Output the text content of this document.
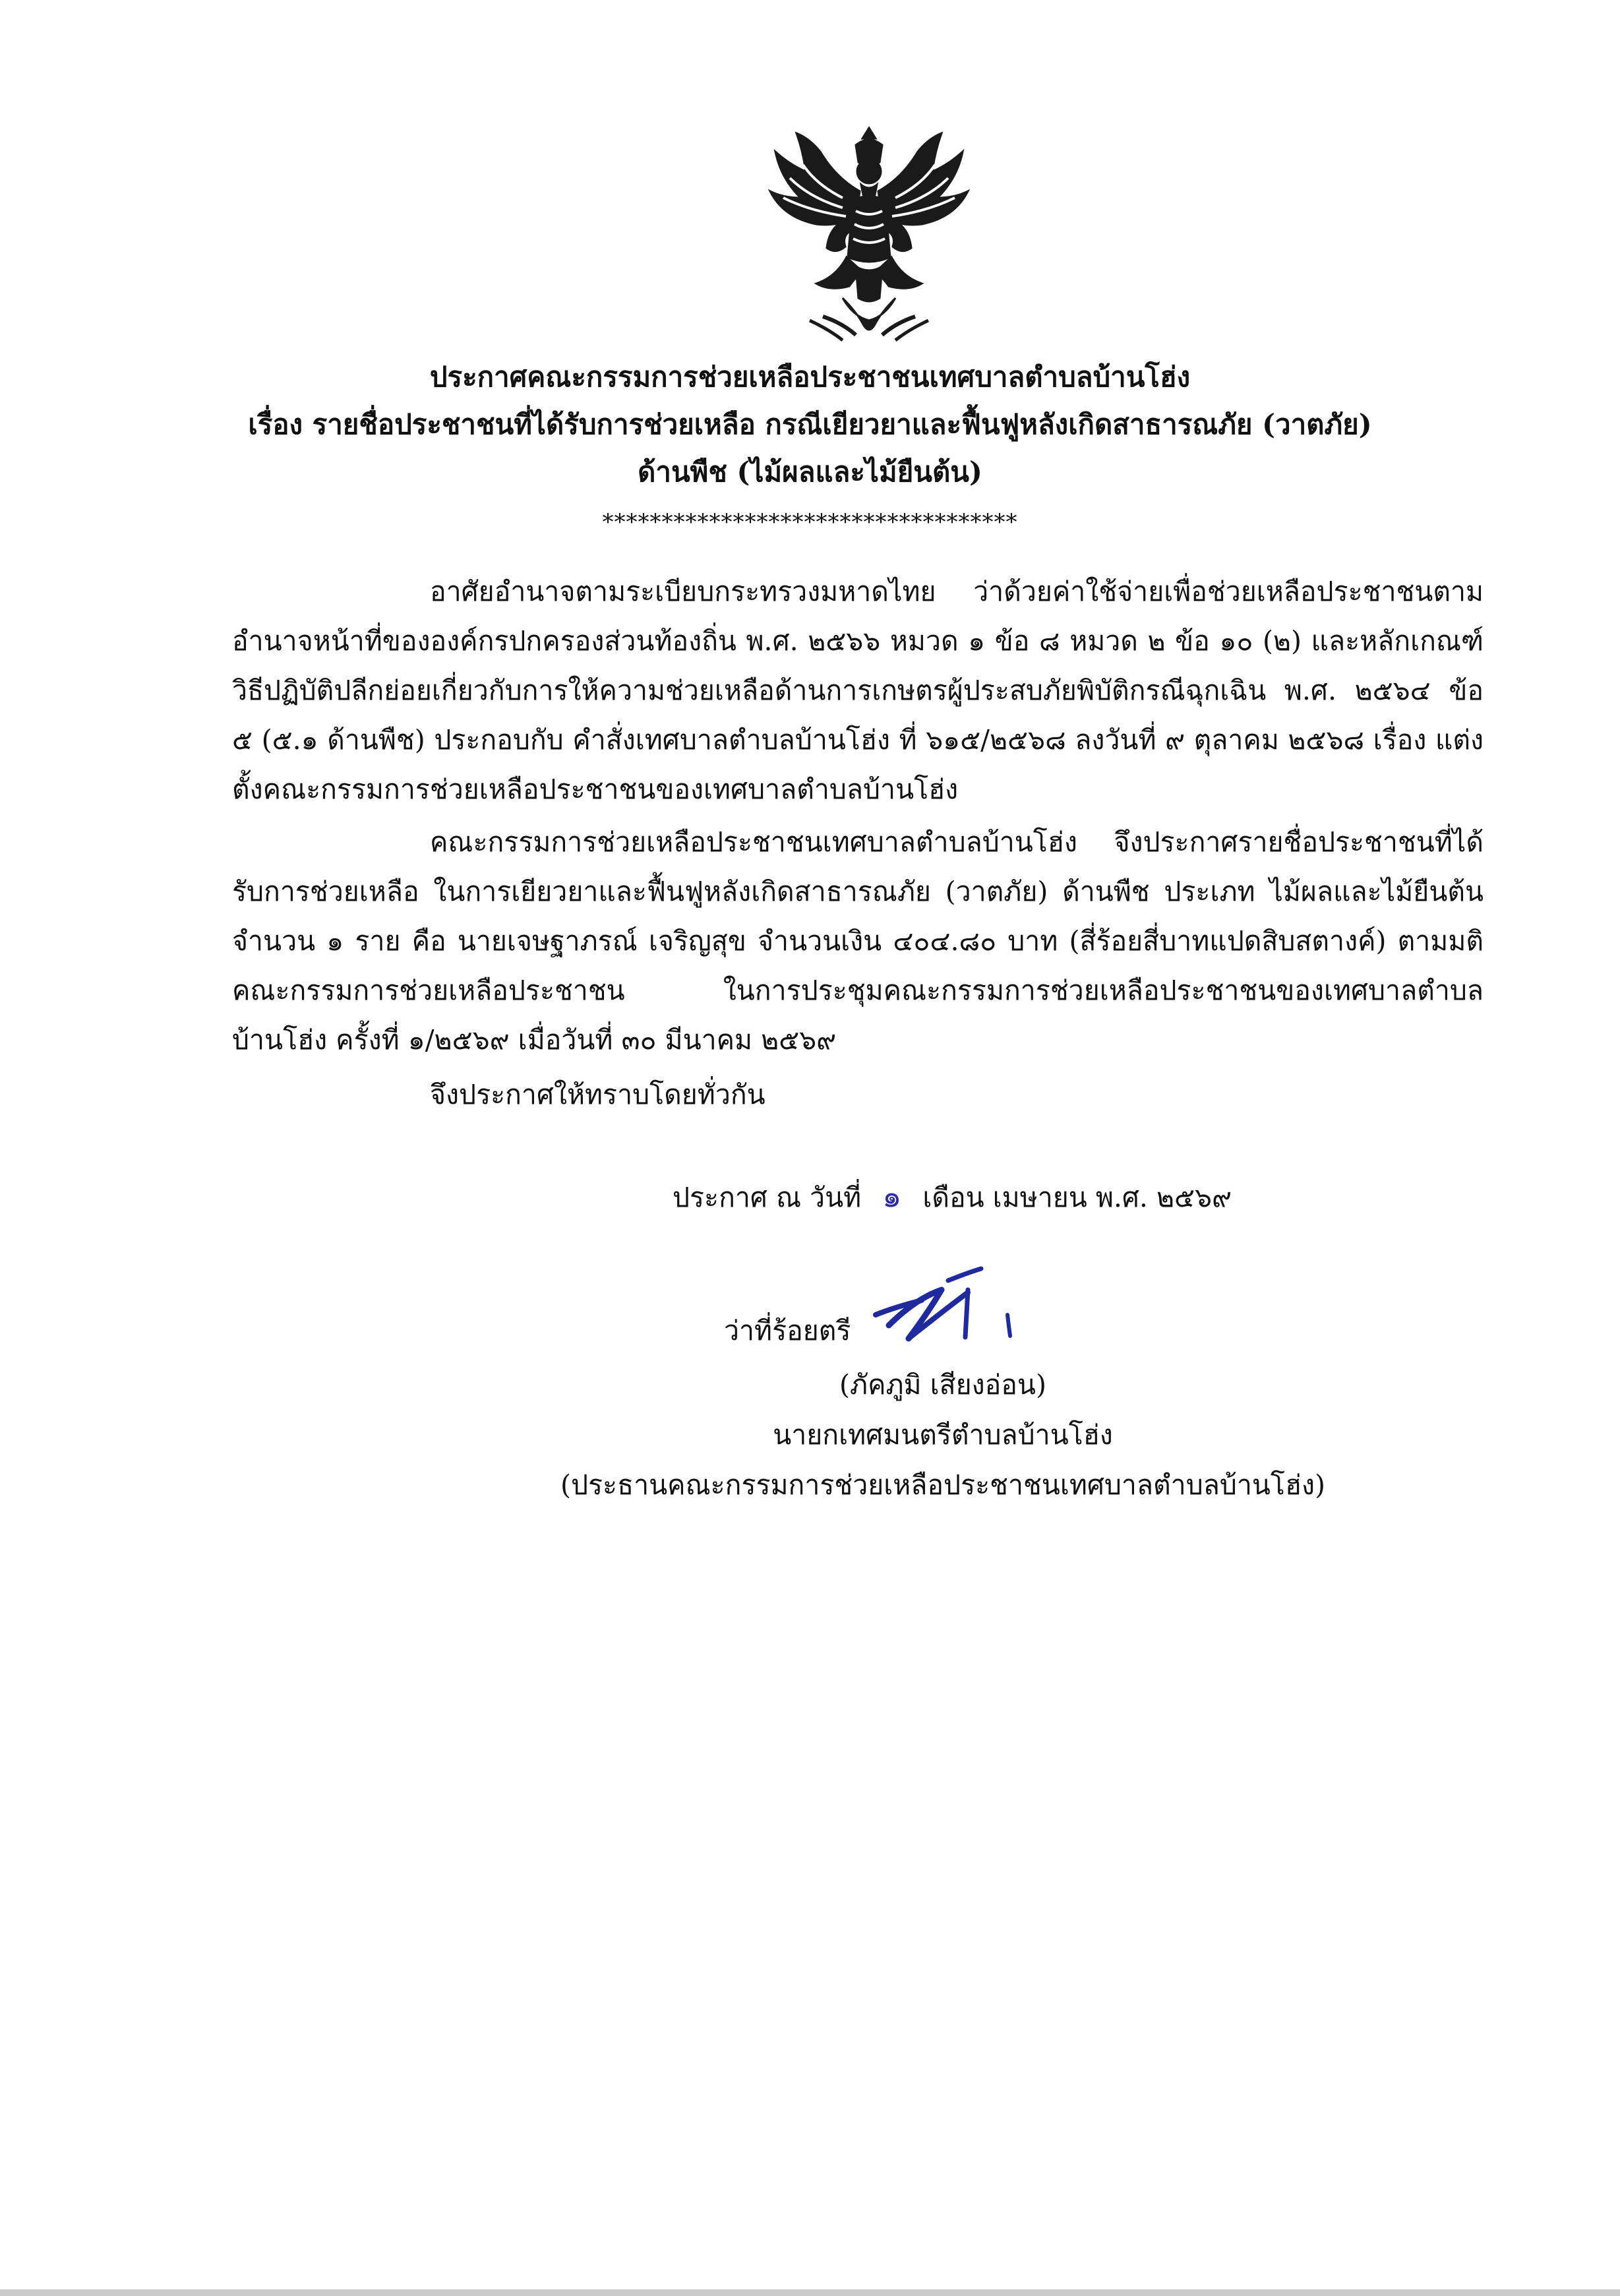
ประกาศคณะกรรมการช่วยเหลือประชาชนเทศบาลตำบลบ้านโฮ่ง
เรื่อง รายชื่อประชาชนที่ได้รับการช่วยเหลือ กรณีเยียวยาและฟื้นฟูหลังเกิดสาธารณภัย (วาตภัย)
ด้านพืช (ไม้ผลและไม้ยืนต้น)
***********************************
อาศัยอำนาจตามระเบียบกระทรวงมหาดไทย ว่าด้วยค่าใช้จ่ายเพื่อช่วยเหลือประชาชนตามอำนาจหน้าที่ขององค์กรปกครองส่วนท้องถิ่น พ.ศ. ๒๕๖๖ หมวด ๑ ข้อ ๘ หมวด ๒ ข้อ ๑๐ (๒) และหลักเกณฑ์วิธีปฏิบัติปลีกย่อยเกี่ยวกับการให้ความช่วยเหลือด้านการเกษตรผู้ประสบภัยพิบัติกรณีฉุกเฉิน พ.ศ. ๒๕๖๔ ข้อ ๕ (๕.๑ ด้านพืช) ประกอบกับ คำสั่งเทศบาลตำบลบ้านโฮ่ง ที่ ๖๑๕/๒๕๖๘ ลงวันที่ ๙ ตุลาคม ๒๕๖๘ เรื่อง แต่งตั้งคณะกรรมการช่วยเหลือประชาชนของเทศบาลตำบลบ้านโฮ่ง
คณะกรรมการช่วยเหลือประชาชนเทศบาลตำบลบ้านโฮ่ง จึงประกาศรายชื่อประชาชนที่ได้รับการช่วยเหลือ ในการเยียวยาและฟื้นฟูหลังเกิดสาธารณภัย (วาตภัย) ด้านพืช ประเภท ไม้ผลและไม้ยืนต้น จำนวน ๑ ราย คือ นายเจษฐาภรณ์ เจริญสุข จำนวนเงิน ๔๐๔.๘๐ บาท (สี่ร้อยสี่บาทแปดสิบสตางค์) ตามมติคณะกรรมการช่วยเหลือประชาชน ในการประชุมคณะกรรมการช่วยเหลือประชาชนของเทศบาลตำบลบ้านโฮ่ง ครั้งที่ ๑/๒๕๖๙ เมื่อวันที่ ๓๐ มีนาคม ๒๕๖๙
จึงประกาศให้ทราบโดยทั่วกัน
ประกาศ ณ วันที่ ๑ เดือน เมษายน พ.ศ. ๒๕๖๙
ว่าที่ร้อยตรี
(ภัคภูมิ เสียงอ่อน)
นายกเทศมนตรีตำบลบ้านโฮ่ง
(ประธานคณะกรรมการช่วยเหลือประชาชนเทศบาลตำบลบ้านโฮ่ง)
